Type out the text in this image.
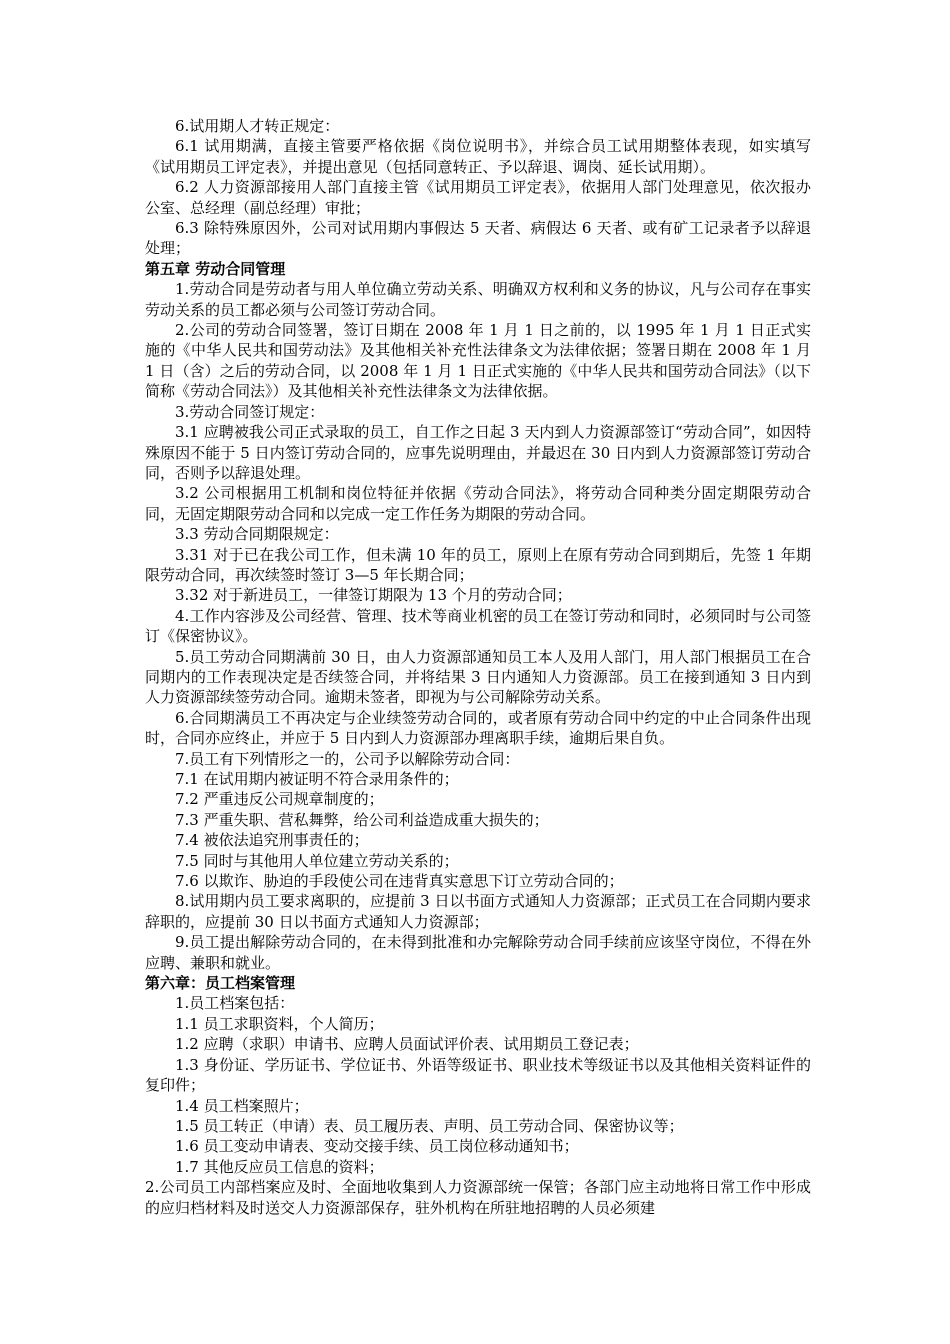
6.试用期人才转正规定：

6.1 试用期满，直接主管要严格依据《岗位说明书》，并综合员工试用期整体表现，如实填写《试用期员工评定表》，并提出意见（包括同意转正、予以辞退、调岗、延长试用期）。

6.2 人力资源部接用人部门直接主管《试用期员工评定表》，依据用人部门处理意见，依次报办公室、总经理（副总经理）审批；

6.3 除特殊原因外，公司对试用期内事假达 5 天者、病假达 6 天者、或有矿工记录者予以辞退处理；

第五章 劳动合同管理

1.劳动合同是劳动者与用人单位确立劳动关系、明确双方权利和义务的协议，凡与公司存在事实劳动关系的员工都必须与公司签订劳动合同。

2.公司的劳动合同签署，签订日期在 2008 年 1 月 1 日之前的，以 1995 年 1 月 1 日正式实施的《中华人民共和国劳动法》及其他相关补充性法律条文为法律依据；签署日期在 2008 年 1 月 1 日（含）之后的劳动合同，以 2008 年 1 月 1 日正式实施的《中华人民共和国劳动合同法》（以下简称《劳动合同法》）及其他相关补充性法律条文为法律依据。

3.劳动合同签订规定：

3.1 应聘被我公司正式录取的员工，自工作之日起 3 天内到人力资源部签订“劳动合同”，如因特殊原因不能于 5 日内签订劳动合同的，应事先说明理由，并最迟在 30 日内到人力资源部签订劳动合同，否则予以辞退处理。

3.2 公司根据用工机制和岗位特征并依据《劳动合同法》，将劳动合同种类分固定期限劳动合同，无固定期限劳动合同和以完成一定工作任务为期限的劳动合同。

3.3 劳动合同期限规定：

3.31 对于已在我公司工作，但未满 10 年的员工，原则上在原有劳动合同到期后，先签 1 年期限劳动合同，再次续签时签订 3—5 年长期合同；

3.32 对于新进员工，一律签订期限为 13 个月的劳动合同；

4.工作内容涉及公司经营、管理、技术等商业机密的员工在签订劳动和同时，必须同时与公司签订《保密协议》。

5.员工劳动合同期满前 30 日，由人力资源部通知员工本人及用人部门，用人部门根据员工在合同期内的工作表现决定是否续签合同，并将结果 3 日内通知人力资源部。员工在接到通知 3 日内到人力资源部续签劳动合同。逾期未签者，即视为与公司解除劳动关系。

6.合同期满员工不再决定与企业续签劳动合同的，或者原有劳动合同中约定的中止合同条件出现时，合同亦应终止，并应于 5 日内到人力资源部办理离职手续，逾期后果自负。

7.员工有下列情形之一的，公司予以解除劳动合同：

7.1 在试用期内被证明不符合录用条件的；

7.2 严重违反公司规章制度的；

7.3 严重失职、营私舞弊，给公司利益造成重大损失的；

7.4 被依法追究刑事责任的；

7.5 同时与其他用人单位建立劳动关系的；

7.6 以欺诈、胁迫的手段使公司在违背真实意思下订立劳动合同的；

8.试用期内员工要求离职的，应提前 3 日以书面方式通知人力资源部；正式员工在合同期内要求辞职的，应提前 30 日以书面方式通知人力资源部；

9.员工提出解除劳动合同的，在未得到批准和办完解除劳动合同手续前应该坚守岗位，不得在外应聘、兼职和就业。

第六章：员工档案管理

1.员工档案包括：

1.1 员工求职资料，个人简历；

1.2 应聘（求职）申请书、应聘人员面试评价表、试用期员工登记表；

1.3 身份证、学历证书、学位证书、外语等级证书、职业技术等级证书以及其他相关资料证件的复印件；

1.4 员工档案照片；

1.5 员工转正（申请）表、员工履历表、声明、员工劳动合同、保密协议等；

1.6 员工变动申请表、变动交接手续、员工岗位移动通知书；

1.7 其他反应员工信息的资料；

2.公司员工内部档案应及时、全面地收集到人力资源部统一保管；各部门应主动地将日常工作中形成的应归档材料及时送交人力资源部保存，驻外机构在所驻地招聘的人员必须建
